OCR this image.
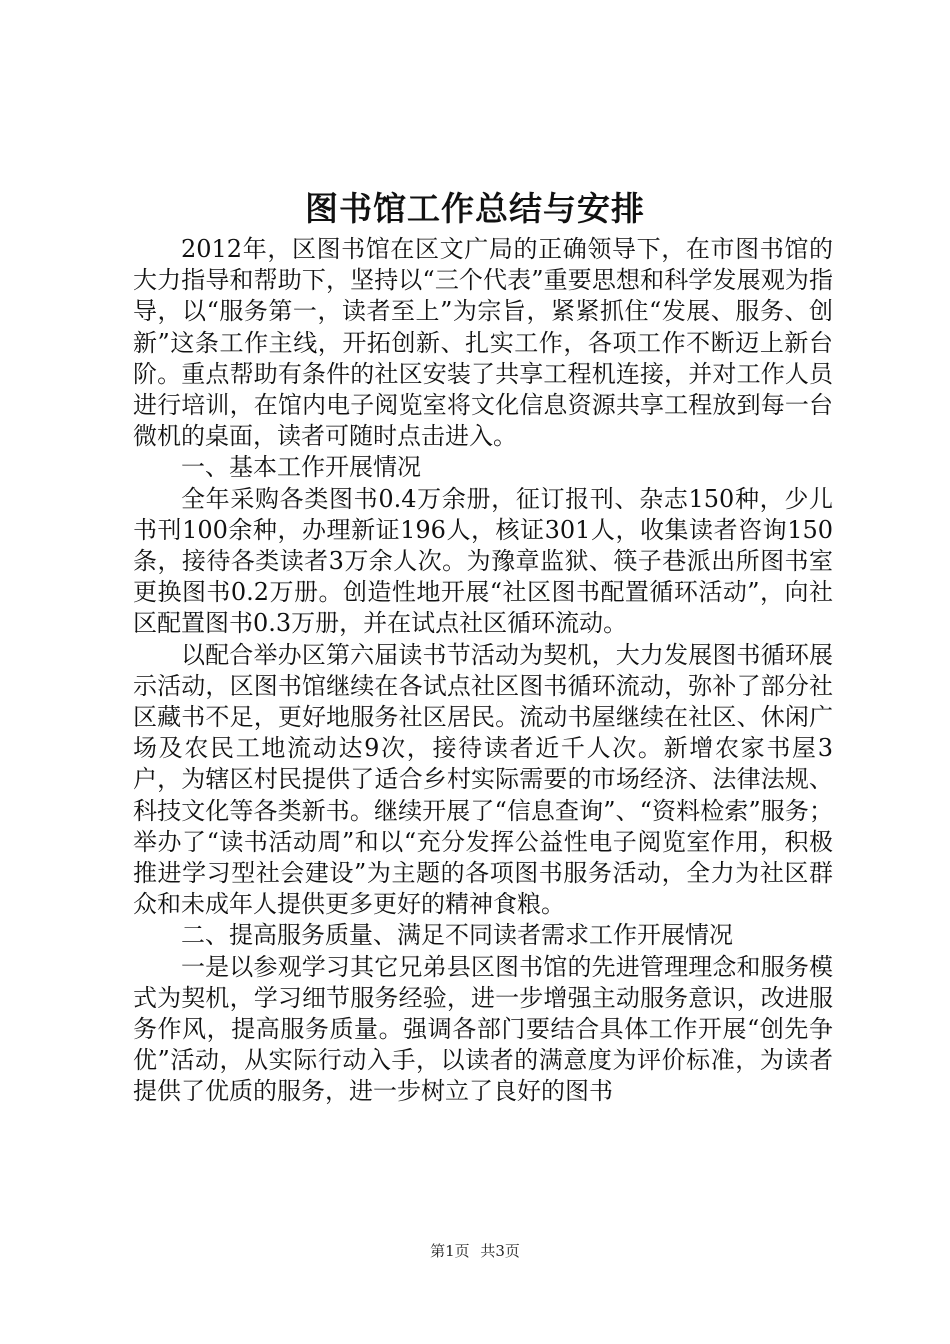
图书馆工作总结与安排

2012年，区图书馆在区文广局的正确领导下，在市图书馆的大力指导和帮助下，坚持以“三个代表”重要思想和科学发展观为指导，以“服务第一，读者至上”为宗旨，紧紧抓住“发展、服务、创新”这条工作主线，开拓创新、扎实工作，各项工作不断迈上新台阶。重点帮助有条件的社区安装了共享工程机连接，并对工作人员进行培训，在馆内电子阅览室将文化信息资源共享工程放到每一台微机的桌面，读者可随时点击进入。

一、基本工作开展情况

全年采购各类图书0.4万余册，征订报刊、杂志150种，少儿书刊100余种，办理新证196人，核证301人，收集读者咨询150条，接待各类读者3万余人次。为豫章监狱、筷子巷派出所图书室更换图书0.2万册。创造性地开展“社区图书配置循环活动”，向社区配置图书0.3万册，并在试点社区循环流动。

以配合举办区第六届读书节活动为契机，大力发展图书循环展示活动，区图书馆继续在各试点社区图书循环流动，弥补了部分社区藏书不足，更好地服务社区居民。流动书屋继续在社区、休闲广场及农民工地流动达9次，接待读者近千人次。新增农家书屋3户，为辖区村民提供了适合乡村实际需要的市场经济、法律法规、科技文化等各类新书。继续开展了“信息查询”、“资料检索”服务；举办了“读书活动周”和以“充分发挥公益性电子阅览室作用，积极推进学习型社会建设”为主题的各项图书服务活动，全力为社区群众和未成年人提供更多更好的精神食粮。

二、提高服务质量、满足不同读者需求工作开展情况

一是以参观学习其它兄弟县区图书馆的先进管理理念和服务模式为契机，学习细节服务经验，进一步增强主动服务意识，改进服务作风，提高服务质量。强调各部门要结合具体工作开展“创先争优”活动，从实际行动入手，以读者的满意度为评价标准，为读者提供了优质的服务，进一步树立了良好的图书

第1页 共3页
